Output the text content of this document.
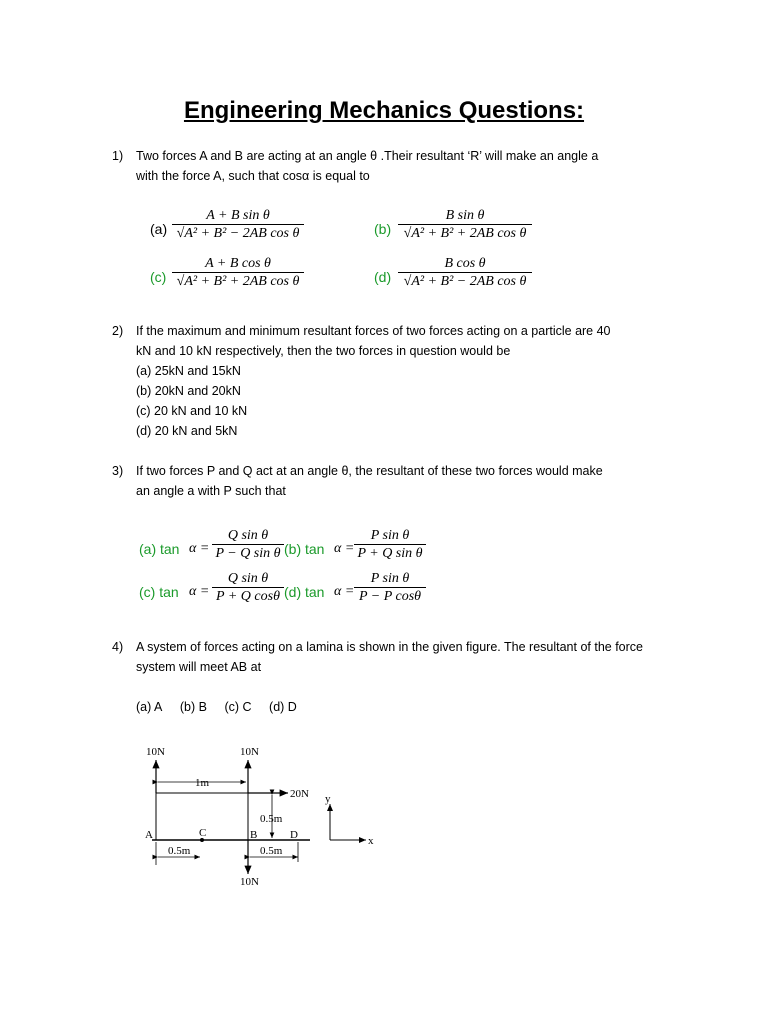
Engineering Mechanics Questions:
1) Two forces A and B are acting at an angle θ .Their resultant ‘R’ will make an angle a
with the force A, such that cosα is equal to
$(a) \frac{\text{A + B sin θ}}{\text{√A² + B² − 2AB cos θ}}$	$(b) \frac{\text{B sin θ}}{\text{√A² + B² + 2AB cos θ}}$
$(c) \frac{\text{A + B cos θ}}{\text{√A² + B² + 2AB cos θ}}$	$(d) \frac{\text{B cos θ}}{\text{√A² + B² − 2AB cos θ}}$
2) If the maximum and minimum resultant forces of two forces acting on a particle are 40
kN and 10 kN respectively, then the two forces in question would be
(a) 25kN and 15kN
(b) 20kN and 20kN
(c) 20 kN and 10 kN
(d) 20 kN and 5kN
3) If two forces P and Q act at an angle θ, the resultant of these two forces would make
an angle a with P such that
(a) $\tan \alpha = \frac{\text{Q sin θ}}{\text{P − Q sin θ}} (b)$ $\tan \alpha = \frac{\text{P sin θ}}{\text{P + Q sin θ}}$
(c) $\tan \alpha = \frac{\text{Q sin θ}}{\text{P + Q cosθ}} (d)$ $\tan \alpha = \frac{\text{P sin θ}}{\text{P − P cosθ}}$
4) A system of forces acting on a lamina is shown in the given figure. The resultant of the force
system will meet AB at
(a) A (b) B (c) C (d) D
10N	10N
20N
10N
1m
0.5m
0.5m	0.5m
A	C	B	D
y
x
